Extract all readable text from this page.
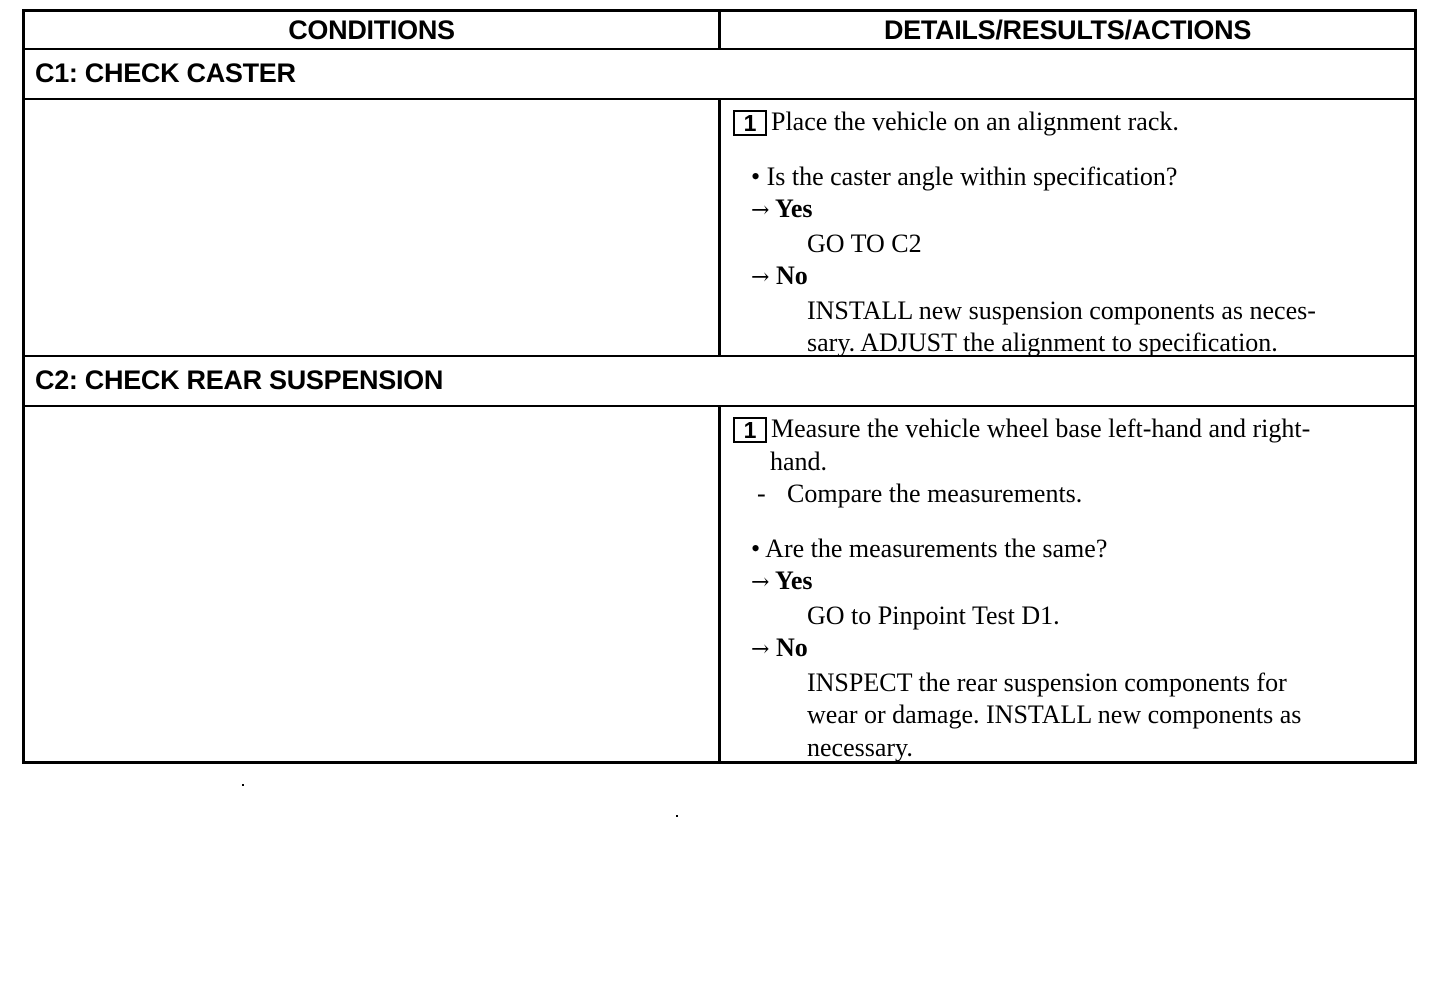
CONDITIONS	DETAILS/RESULTS/ACTIONS
C1: CHECK CASTER
1 Place the vehicle on an alignment rack.
• Is the caster angle within specification?
→ Yes
GO TO C2
→ No
INSTALL new suspension components as neces-
sary. ADJUST the alignment to specification.
C2: CHECK REAR SUSPENSION
1 Measure the vehicle wheel base left-hand and right-
hand.
- Compare the measurements.
• Are the measurements the same?
→ Yes
GO to Pinpoint Test D1.
→ No
INSPECT the rear suspension components for
wear or damage. INSTALL new components as
necessary.
